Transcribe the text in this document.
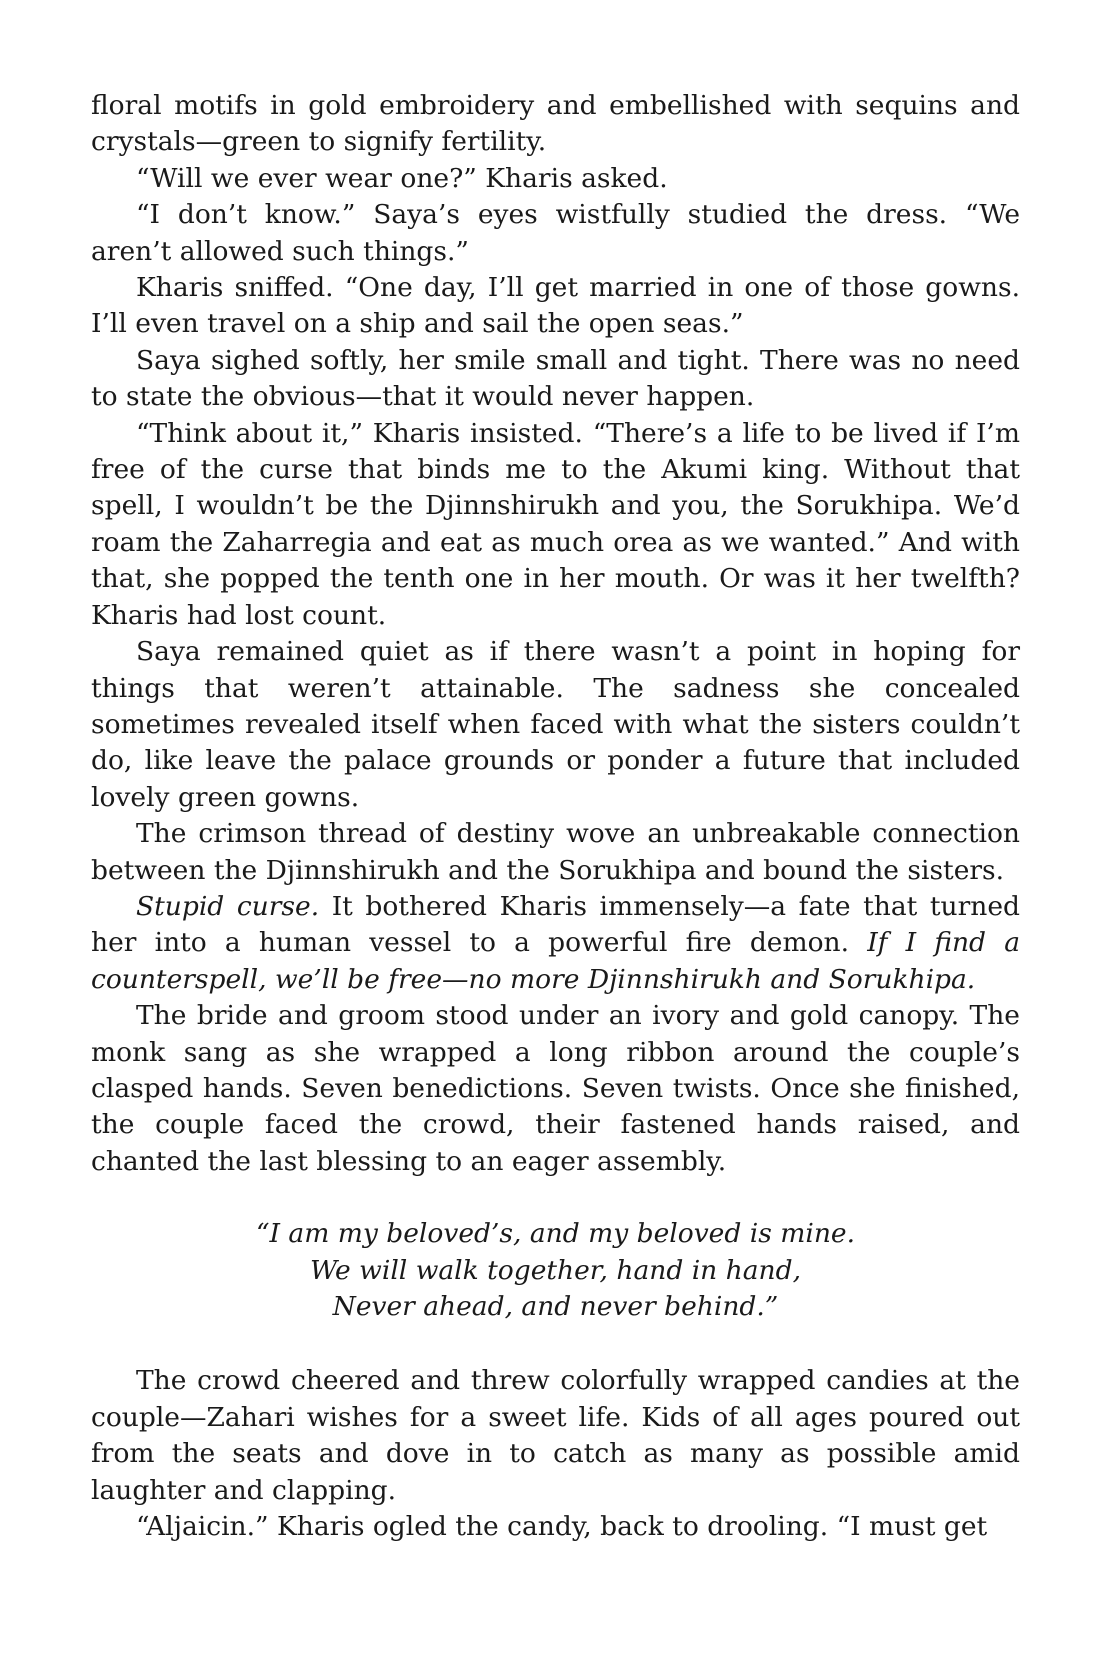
floral motifs in gold embroidery and embellished with sequins and crystals—green to signify fertility.

“Will we ever wear one?” Kharis asked.

“I don’t know.” Saya’s eyes wistfully studied the dress. “We aren’t allowed such things.”

Kharis sniffed. “One day, I’ll get married in one of those gowns. I’ll even travel on a ship and sail the open seas.”

Saya sighed softly, her smile small and tight. There was no need to state the obvious—that it would never happen.

“Think about it,” Kharis insisted. “There’s a life to be lived if I’m free of the curse that binds me to the Akumi king. Without that spell, I wouldn’t be the Djinnshirukh and you, the Sorukhipa. We’d roam the Zaharregia and eat as much orea as we wanted.” And with that, she popped the tenth one in her mouth. Or was it her twelfth? Kharis had lost count.

Saya remained quiet as if there wasn’t a point in hoping for things that weren’t attainable. The sadness she concealed sometimes revealed itself when faced with what the sisters couldn’t do, like leave the palace grounds or ponder a future that included lovely green gowns.

The crimson thread of destiny wove an unbreakable connection between the Djinnshirukh and the Sorukhipa and bound the sisters.

Stupid curse. It bothered Kharis immensely—a fate that turned her into a human vessel to a powerful fire demon. If I find a counterspell, we’ll be free—no more Djinnshirukh and Sorukhipa.

The bride and groom stood under an ivory and gold canopy. The monk sang as she wrapped a long ribbon around the couple’s clasped hands. Seven benedictions. Seven twists. Once she finished, the couple faced the crowd, their fastened hands raised, and chanted the last blessing to an eager assembly.

“I am my beloved’s, and my beloved is mine.
We will walk together, hand in hand,
Never ahead, and never behind.”

The crowd cheered and threw colorfully wrapped candies at the couple—Zahari wishes for a sweet life. Kids of all ages poured out from the seats and dove in to catch as many as possible amid laughter and clapping.

“Aljaicin.” Kharis ogled the candy, back to drooling. “I must get
